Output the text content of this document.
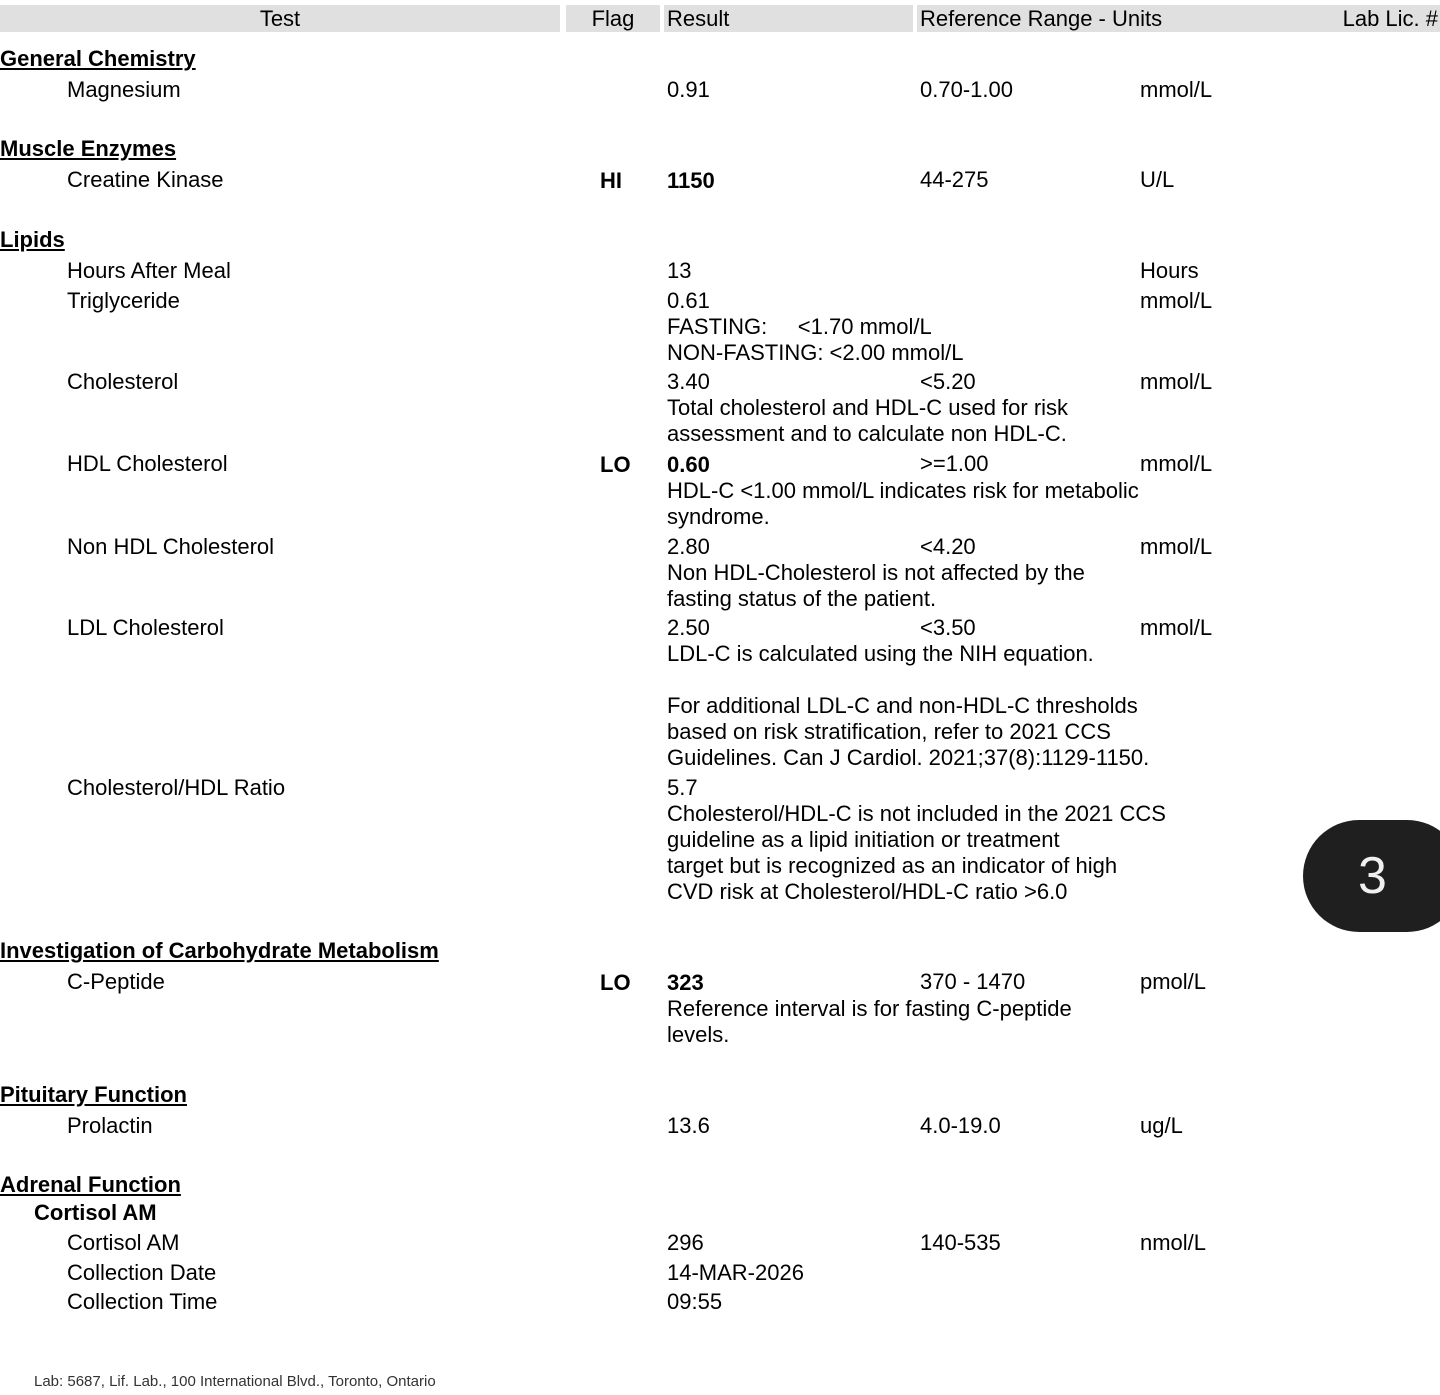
Test	Flag	Result	Reference Range - Units	Lab Lic. #
General Chemistry
Magnesium	0.91	0.70-1.00	mmol/L
Muscle Enzymes
Creatine Kinase	HI 1150	44-275	U/L
Lipids
Hours After Meal	13	Hours
Triglyceride	0.61	mmol/L
FASTING:     <1.70 mmol/L
NON-FASTING: <2.00 mmol/L
Cholesterol	3.40	<5.20	mmol/L
Total cholesterol and HDL-C used for risk
assessment and to calculate non HDL-C.
HDL Cholesterol	LO 0.60	>=1.00	mmol/L
HDL-C <1.00 mmol/L indicates risk for metabolic
syndrome.
Non HDL Cholesterol	2.80	<4.20	mmol/L
Non HDL-Cholesterol is not affected by the
fasting status of the patient.
LDL Cholesterol	2.50	<3.50	mmol/L
LDL-C is calculated using the NIH equation.

For additional LDL-C and non-HDL-C thresholds
based on risk stratification, refer to 2021 CCS
Guidelines. Can J Cardiol. 2021;37(8):1129-1150.
Cholesterol/HDL Ratio	5.7
Cholesterol/HDL-C is not included in the 2021 CCS
guideline as a lipid initiation or treatment
target but is recognized as an indicator of high
CVD risk at Cholesterol/HDL-C ratio >6.0
Investigation of Carbohydrate Metabolism
C-Peptide	LO 323	370 - 1470	pmol/L
Reference interval is for fasting C-peptide
levels.
Pituitary Function
Prolactin	13.6	4.0-19.0	ug/L
Adrenal Function
Cortisol AM
Cortisol AM	296	140-535	nmol/L
Collection Date	14-MAR-2026
Collection Time	09:55
3
Lab: 5687, Lif. Lab., 100 International Blvd., Toronto, Ontario
